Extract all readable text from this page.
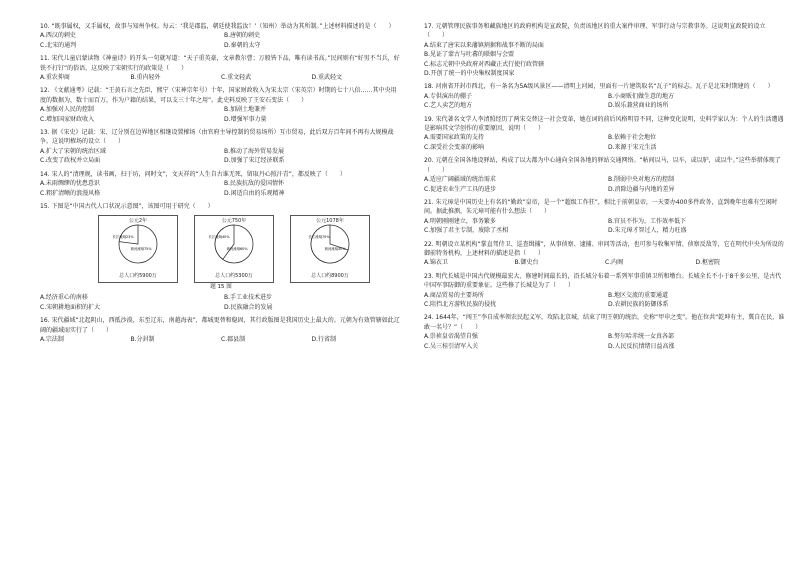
10. “既事属权，又手属权，故事与知州争权。每云：‘我是郡监，朝廷使我监汝！’（知州）举动为其所制。”上述材料描述的是（　　）
A.西汉的刺史	B.唐朝的刺史
C.北宋的通判	D.秦朝的太守
11. 宋代儿童启蒙读物《神童诗》的开头一句就写道：“天子重英豪，文章教尔曹；万般皆下品，唯有读书高。”民间则有“好男不当兵，好铁不打钉”的俗语。这反映了宋朝实行的政策是（　　）
A.重农抑商	B.重内轻外	C.重文轻武	D.重武轻文
12. 《文献通考》记载：“王黄石言之先臣，熙宁（宋神宗年号）十年，国家财政收入为宋太宗（宋英宗）时期的七十八倍……其中央用度的数据为，数十而百万，作为户籍的结果，可以支三十年之用”。此史料反映了王安石变法（　　）
A.加强对人民的控制	B.加剧土地兼并
C.增加国家财政收入	D.增强军事力量
13. 据《宋史》记载：宋、辽分别在边界地区相继设置榷场（由官府主导控制的贸易场所）互市贸易，此后双方百年间不再有大规模战争。这说明榷场的设立（　　）
A.扩大了宋朝的统治区域	B.推动了海外贸易发展
C.改变了政权并立局面	D.加强了宋辽经济联系
14. 宋人的“清理规，读书画，扫于坊，问时文”，文天祥的“人生自古谁无死，留取丹心照汗青”，都反映了（　　）
A.未雨绸缪的忧患意识	B.民族抗敌的爱国情怀
C.粗犷清晰的浪漫风格	D.闲适自由的乐观精神
15. 下图是“中国古代人口状况示意图”，该图可用于研究（　　）
公元2年
长江流域23%
黄河流域75%
总人口约5900万
公元750年
长江流域40%
黄河流域60%
总人口约5300万
公元1078年
长江流域70%
黄河流域30%
总人口约8900万
题 15 图
A.经济重心的南移	B.手工业技术进步
C.宋朝耕地面积的扩大	D.民族融合的发展
16. 宋代疆域“北起阴山，西抵沙漠，东至辽东，南越海表”，都城更替和稳固，其行政版图是我国历史上最大的。元朝为有效管辖如此辽阔的疆域而实行了（　　）
A.宗法制	B.分封制	C.郡县制	D.行省制
17. 元朝管理民族事务和藏族地区的政府机构是宣政院，负责该地区的重大案件审理、军事行动与宗教事务。这说明宣政院的设立（　　）
A.结束了唐宋以来藩镇割据和战事不断的局面
B.见证了蒙古与吐蕃的联姻与会盟
C.标志元朝中央政府对西藏正式行使行政管辖
D.开创了统一的中央集权制度国家
18. 河南省开封市西北，有一条名为5A级风景区——清明上河园，里面有一片建筑取名“瓦子”的标志。瓦子是北宋时期建的（　　）
A.专供演出的棚子	B.小商贩们做生意的地方
C.艺人卖艺的地方	D.娱乐兼营商业的场所
19. 宋代著名文学人李清照经历了两宋交替这一社会变革，她在词的前后风格明显不同，这种变化说明，史料学家认为：个人的生活遭遇是影响其文学创作的重要原因，说明（　　）
A.需要国家政策的支持	B.依赖于社会地位
C.深受社会变革的影响	D.来源于宋元生活
20. 元朝在全国各地设驿站，构成了以大都为中心通向全国各地的驿站交通网络。“帖间以马，以车，或以驴，或以牛。”这些举措体现了（　　）
A.适应广阔疆域的统治需求	B.削弱中央对地方的控制
C.促进农业生产工具的进步	D.消除边疆与内地的差异
21. 朱元璋是中国历史上有名的“勤政”皇帝，是一个“超级工作狂”，相比于前朝皇帝，一天要办400多件政务，直到晚年也难有空闲时间。据此推测，朱元璋可能有什么想法（　　）
A.明朝刚刚建立，事务繁多	B.官员不作为，工作效率低下
C.加强了君主专制，废除了丞相	D.朱元璋才智过人，精力旺盛
22. 明朝设立某机构“掌直驾侍卫、巡查缉捕”，从事侦察、逮捕、审问等活动，也可参与收集军情、侦察反敌等，它在明代中央为所设的御前特务机构，上述材料的描述是指（　　）
A.锦衣卫	B.御史台	C.内阁	D.枢密院
23. 明代长城是中国古代规模最宏大、修建时间最长的，沿长城分布着一系列军事重镇卫所和墩台。长城全长不小于8千多公里，是古代中国军事防御的重要象征。这些修了长城是为了（　　）
A.商品贸易的主要场所	B.地区交流的重要通道
C.阻挡北方游牧民族的侵扰	D.农耕民族的防御体系
24. 1644年，“闯王”李自成率领农民起义军，攻陷北京城，结束了明王朝的统治，史称“甲申之变”。他在位共“乾坤有主，冀自在民，谁敢一名号？”（　　）
A.崇祯皇帝渴望自强	B.努尔哈赤统一女真各部
C.吴三桂引清军入关	D.人民反抗情绪日益高涨
